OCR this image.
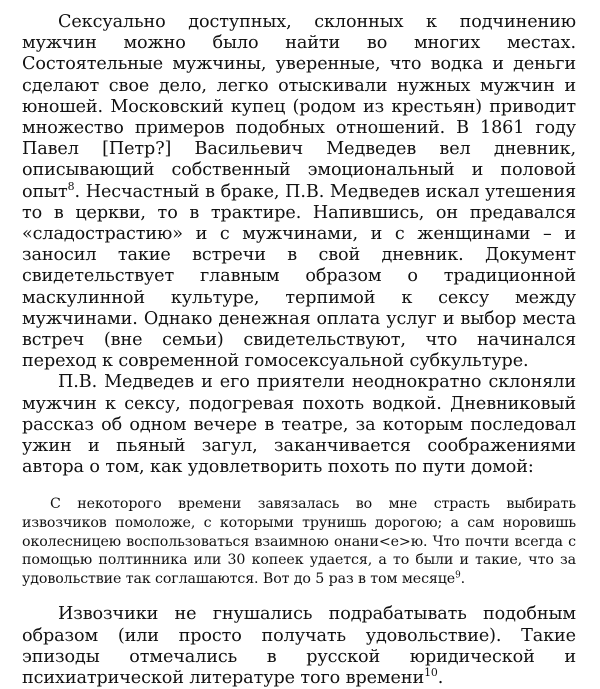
Сексуально доступных, склонных к подчинению мужчин можно было найти во многих местах. Состоятельные мужчины, уверенные, что водка и деньги сделают свое дело, легко отыскивали нужных мужчин и юношей. Московский купец (родом из крестьян) приводит множество примеров подобных отношений. В 1861 году Павел [Петр?] Васильевич Медведев вел дневник, описывающий собственный эмоциональный и половой опыт$^8$. Несчастный в браке, П.В. Медведев искал утешения то в церкви, то в трактире. Напившись, он предавался «сладострастию» и с мужчинами, и с женщинами – и заносил такие встречи в свой дневник. Документ свидетельствует главным образом о традиционной маскулинной культуре, терпимой к сексу между мужчинами. Однако денежная оплата услуг и выбор места встреч (вне семьи) свидетельствуют, что начинался переход к современной гомосексуальной субкультуре.

П.В. Медведев и его приятели неоднократно склоняли мужчин к сексу, подогревая похоть водкой. Дневниковый рассказ об одном вечере в театре, за которым последовал ужин и пьяный загул, заканчивается соображениями автора о том, как удовлетворить похоть по пути домой:

С некоторого времени завязалась во мне страсть выбирать извозчиков помоложе, с которыми трунишь дорогою; а сам норовишь околесницею воспользоваться взаимною онани<е>ю. Что почти всегда с помощью полтинника или 30 копеек удается, а то были и такие, что за удовольствие так соглашаются. Вот до 5 раз в том месяце$^9$.

Извозчики не гнушались подрабатывать подобным образом (или просто получать удовольствие). Такие эпизоды отмечались в русской юридической и психиатрической литературе того времени$^{10}$.
